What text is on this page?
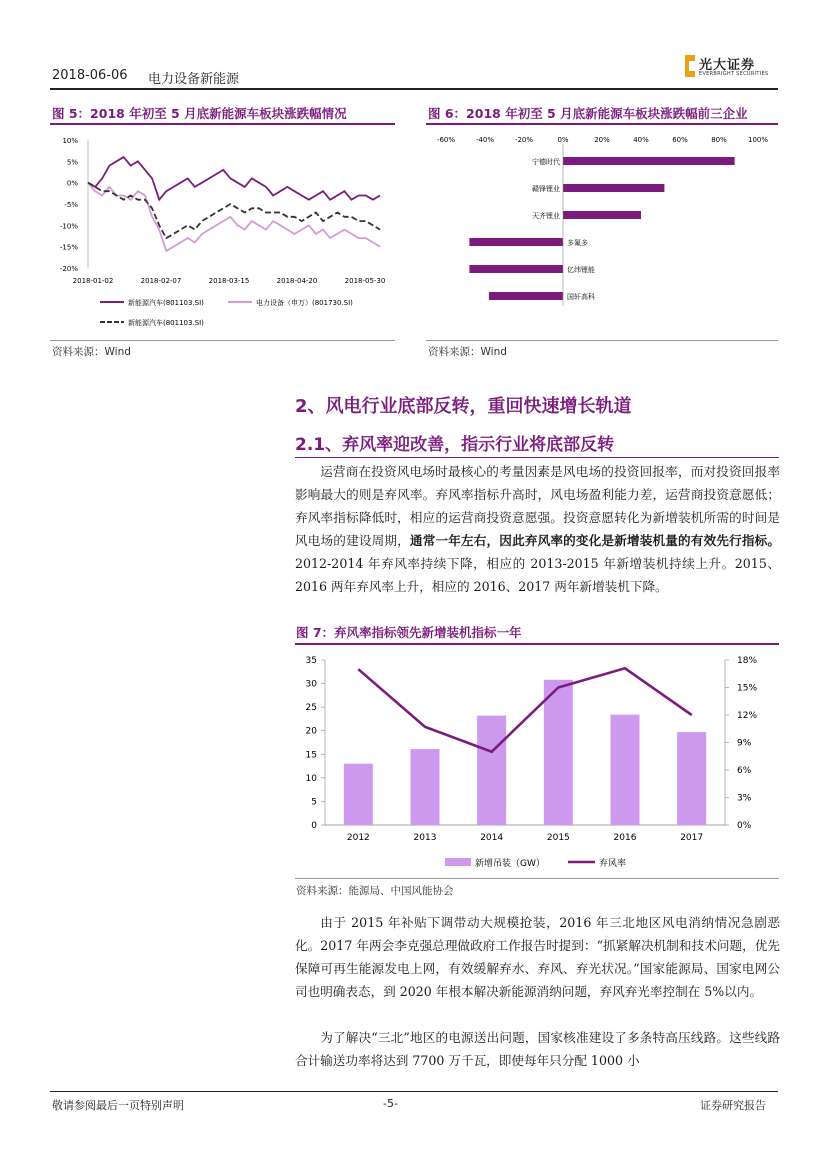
2018-06-06 电力设备新能源
光大证券
EVERBRIGHT SECURITIES
图 5：2018 年初至 5 月底新能源车板块涨跌幅情况
10%
5%
0%
-5%
-10%
-15%
-20%
2018-01-02	2018-02-07	2018-03-15	2018-04-20	2018-05-30
新能源汽车(801103.SI)	电力设备（申万）(801730.SI)
新能源汽车(801103.SI)
资料来源：Wind
图 6：2018 年初至 5 月底新能源车板块涨跌幅前三企业
-60%	-40%	-20%	0%	20%	40%	60%	80%	100%
宁德时代
赣锋锂业
天齐锂业
多氟多
亿纬锂能
国轩高科
资料来源：Wind
2、风电行业底部反转，重回快速增长轨道
2.1、弃风率迎改善，指示行业将底部反转
运营商在投资风电场时最核心的考量因素是风电场的投资回报率，而对投资回报率影响最大的则是弃风率。弃风率指标升高时，风电场盈利能力差，运营商投资意愿低；弃风率指标降低时，相应的运营商投资意愿强。投资意愿转化为新增装机所需的时间是风电场的建设周期，通常一年左右，因此弃风率的变化是新增装机量的有效先行指标。2012-2014 年弃风率持续下降，相应的 2013-2015 年新增装机持续上升。2015、2016 两年弃风率上升，相应的 2016、2017 两年新增装机下降。
图 7：弃风率指标领先新增装机指标一年
0
5
10
15
20
25
30
35
0%
3%
6%
9%
12%
15%
18%
2012	2013	2014	2015	2016	2017
新增吊装（GW）	弃风率
资料来源：能源局、中国风能协会
由于 2015 年补贴下调带动大规模抢装，2016 年三北地区风电消纳情况急剧恶化。2017 年两会李克强总理做政府工作报告时提到：“抓紧解决机制和技术问题，优先保障可再生能源发电上网，有效缓解弃水、弃风、弃光状况。”国家能源局、国家电网公司也明确表态，到 2020 年根本解决新能源消纳问题，弃风弃光率控制在 5%以内。
为了解决“三北”地区的电源送出问题，国家核准建设了多条特高压线路。这些线路合计输送功率将达到 7700 万千瓦，即使每年只分配 1000 小
敬请参阅最后一页特别声明	-5-	证券研究报告
